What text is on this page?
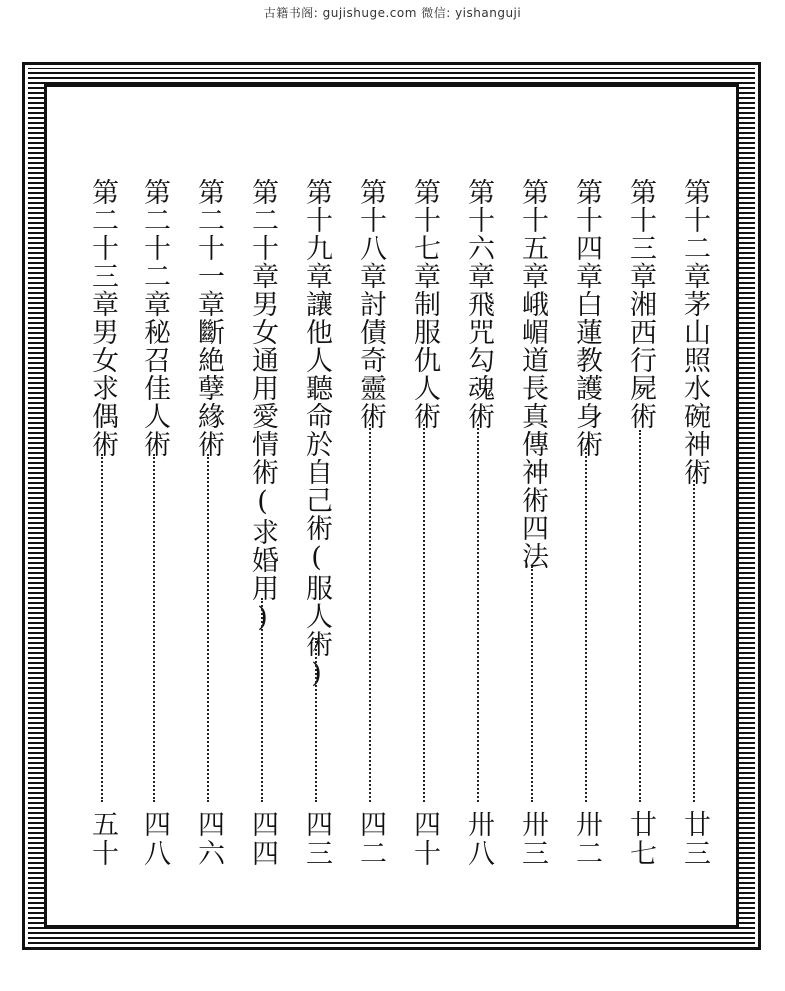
古籍书阁: gujishuge.com 微信: yishanguji
第十二章茅山照水碗神術
廿三
第十三章湘西行屍術
廿七
第十四章白蓮教護身術
卅二
第十五章峨嵋道長真傳神術四法
卅三
第十六章飛咒勾魂術
卅八
第十七章制服仇人術
四十
第十八章討債奇靈術
四二
第十九章讓他人聽命於自己術(服人術)
四三
第二十章男女通用愛情術(求婚用)
四四
第二十一章斷絶孽緣術
四六
第二十二章秘召佳人術
四八
第二十三章男女求偶術
五十
